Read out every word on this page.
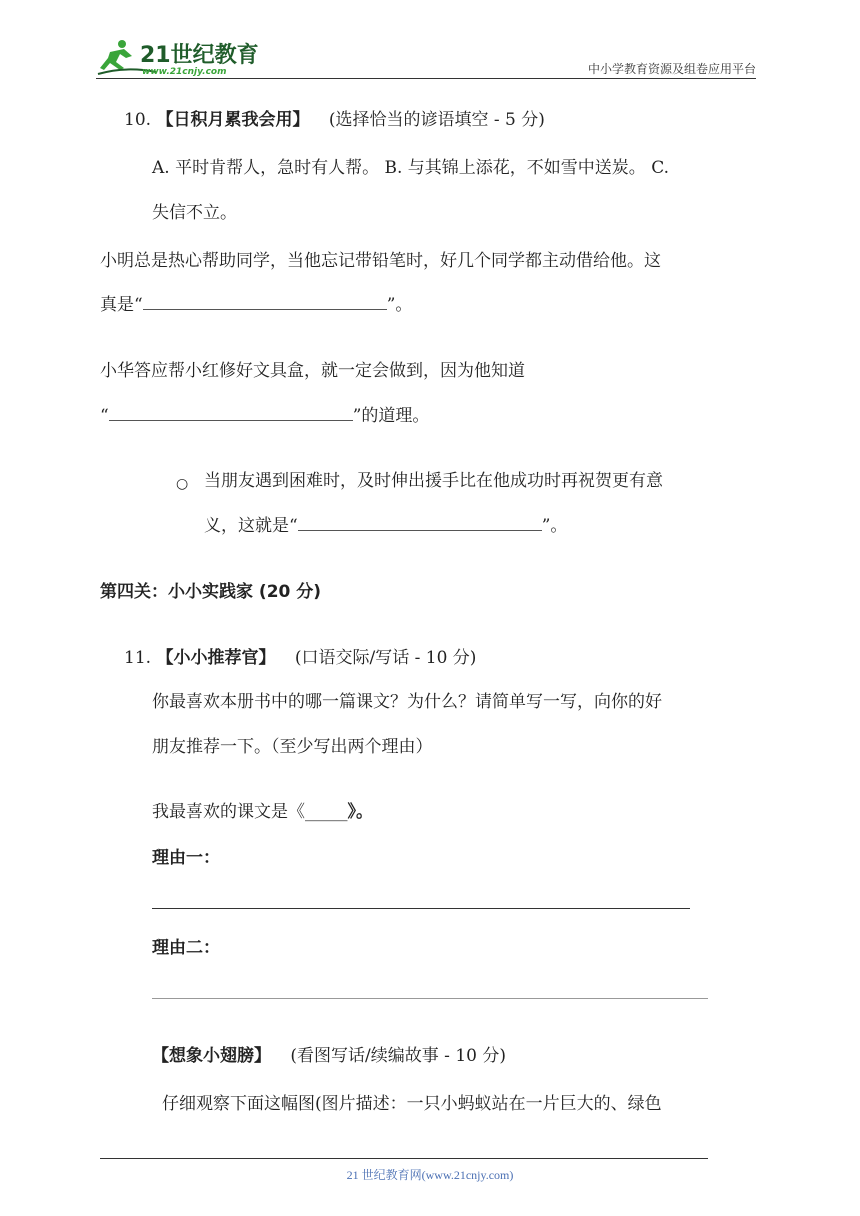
21世纪教育
www.21cnjy.com	中小学教育资源及组卷应用平台
10. 【日积月累我会用】 (选择恰当的谚语填空 - 5 分)
A. 平时肯帮人，急时有人帮。 B. 与其锦上添花，不如雪中送炭。 C.
失信不立。
小明总是热心帮助同学，当他忘记带铅笔时，好几个同学都主动借给他。这
真是“	”。
小华答应帮小红修好文具盒，就一定会做到，因为他知道
“	”的道理。
○ 当朋友遇到困难时，及时伸出援手比在他成功时再祝贺更有意
义，这就是“	”。
第四关：小小实践家 (20 分)
11. 【小小推荐官】 (口语交际/写话 - 10 分)
你最喜欢本册书中的哪一篇课文？为什么？请简单写一写，向你的好
朋友推荐一下。（至少写出两个理由）
我最喜欢的课文是《_____》。
理由一：
理由二：
【想象小翅膀】 (看图写话/续编故事 - 10 分)
仔细观察下面这幅图(图片描述：一只小蚂蚁站在一片巨大的、绿色
21 世纪教育网(www.21cnjy.com)
